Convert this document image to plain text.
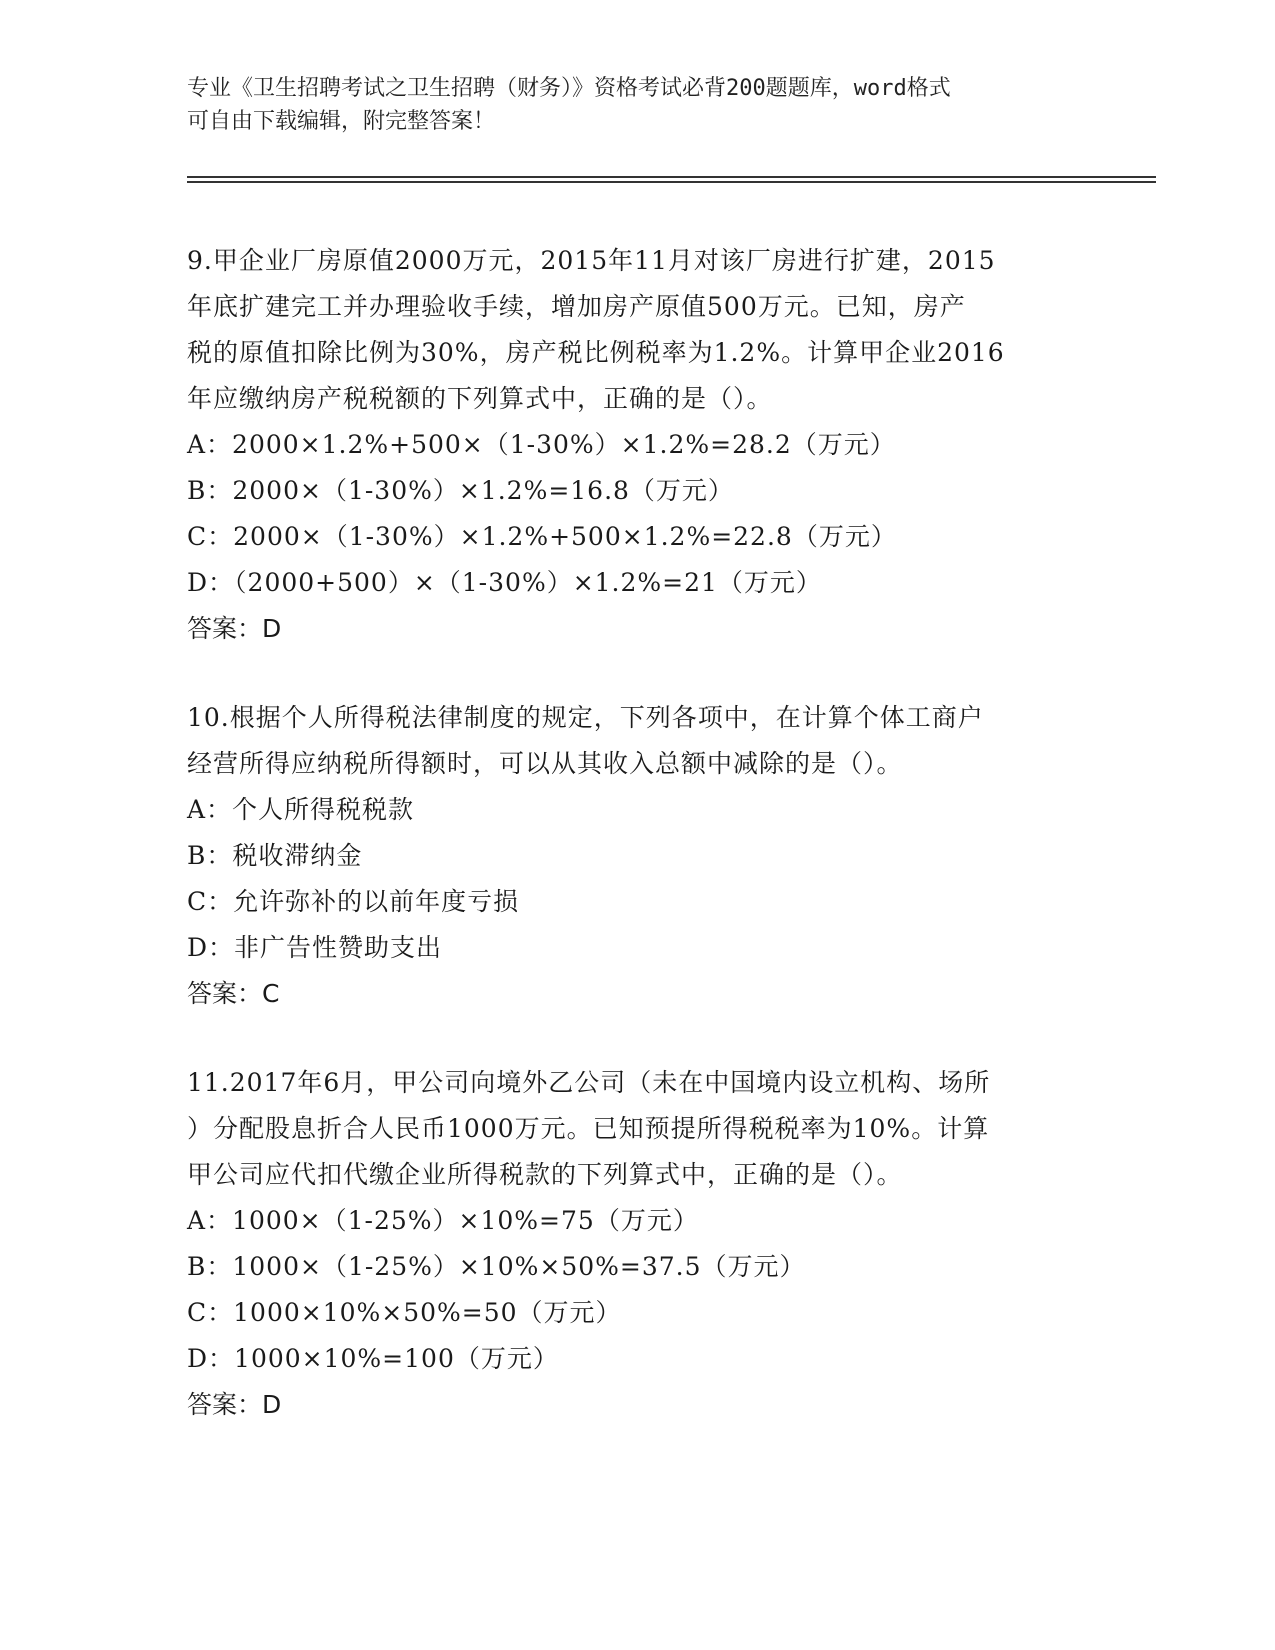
专业《卫生招聘考试之卫生招聘（财务）》资格考试必背200题题库，word格式
可自由下载编辑，附完整答案！
9.甲企业厂房原值2000万元，2015年11月对该厂房进行扩建，2015
年底扩建完工并办理验收手续，增加房产原值500万元。已知，房产
税的原值扣除比例为30%，房产税比例税率为1.2%。计算甲企业2016
年应缴纳房产税税额的下列算式中，正确的是（）。
A：2000×1.2%+500×（1-30%）×1.2%=28.2（万元）
B：2000×（1-30%）×1.2%=16.8（万元）
C：2000×（1-30%）×1.2%+500×1.2%=22.8（万元）
D：（2000+500）×（1-30%）×1.2%=21（万元）
答案：D
10.根据个人所得税法律制度的规定，下列各项中，在计算个体工商户
经营所得应纳税所得额时，可以从其收入总额中减除的是（）。
A：个人所得税税款
B：税收滞纳金
C：允许弥补的以前年度亏损
D：非广告性赞助支出
答案：C
11.2017年6月，甲公司向境外乙公司（未在中国境内设立机构、场所
）分配股息折合人民币1000万元。已知预提所得税税率为10%。计算
甲公司应代扣代缴企业所得税款的下列算式中，正确的是（）。
A：1000×（1-25%）×10%=75（万元）
B：1000×（1-25%）×10%×50%=37.5（万元）
C：1000×10%×50%=50（万元）
D：1000×10%=100（万元）
答案：D
